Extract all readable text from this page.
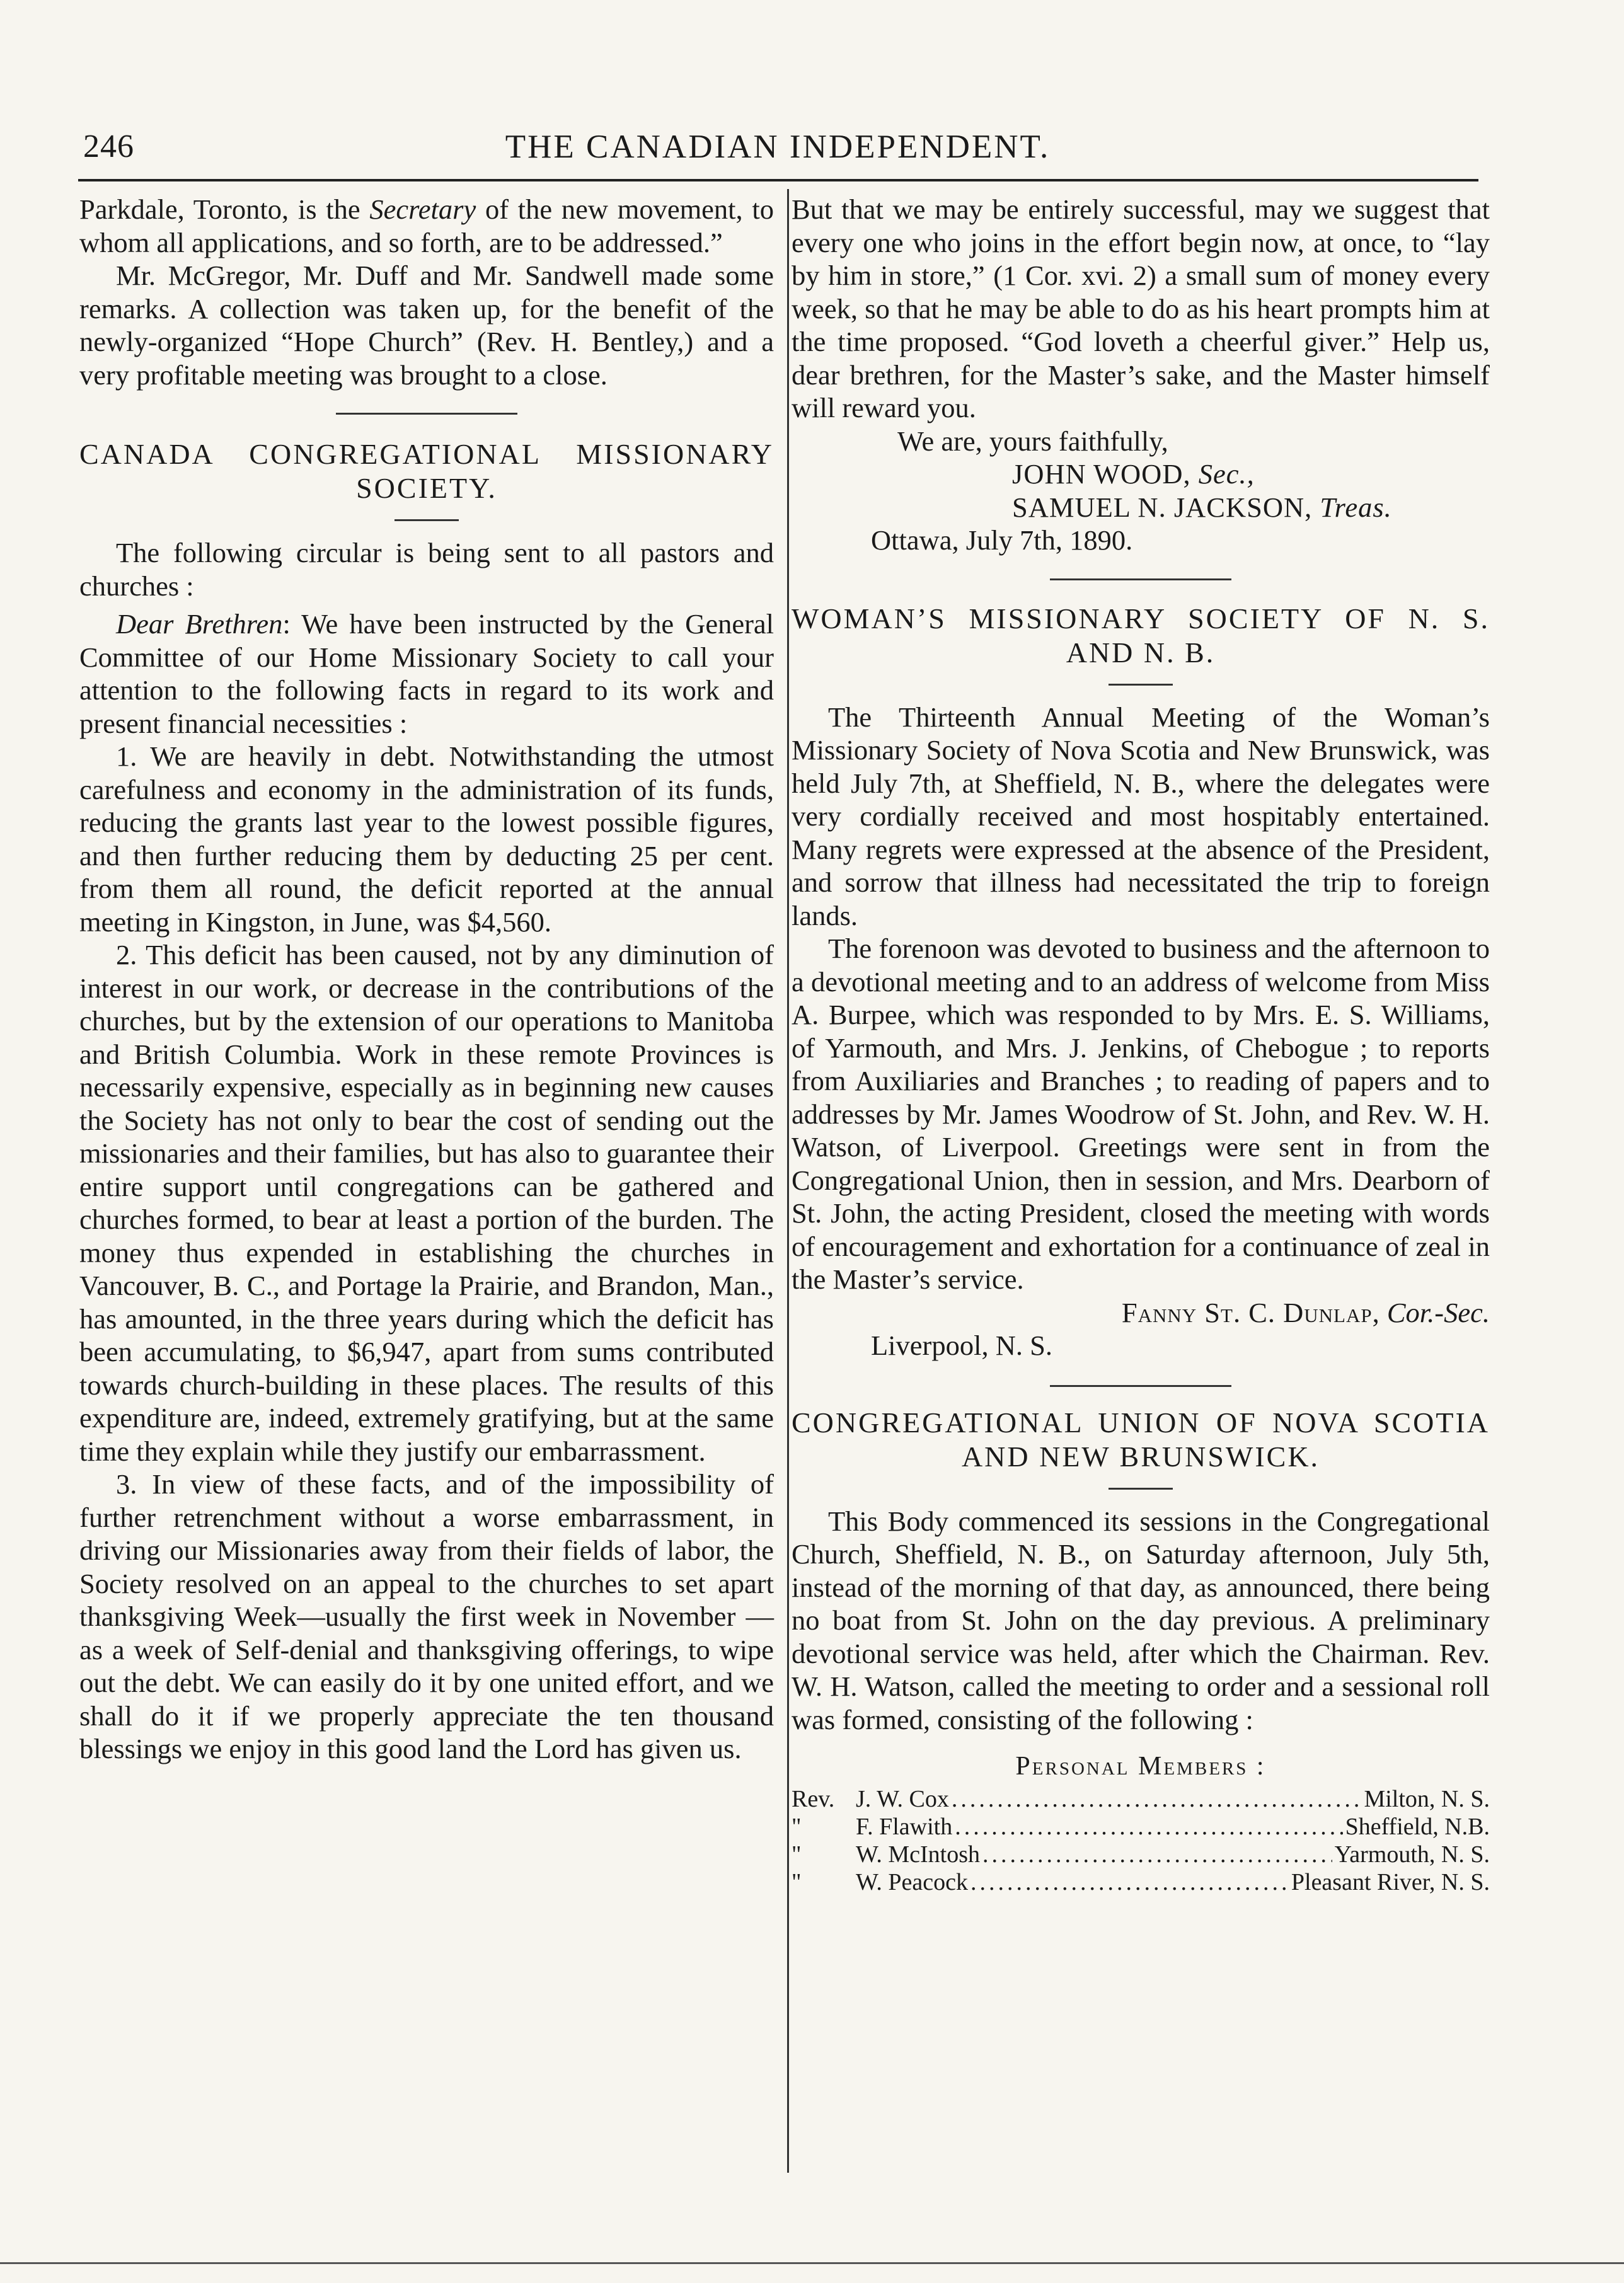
246	THE CANADIAN INDEPENDENT.

Parkdale, Toronto, is the Secretary of the new movement, to whom all applications, and so forth, are to be addressed.”

Mr. McGregor, Mr. Duff and Mr. Sandwell made some remarks. A collection was taken up, for the benefit of the newly-organized “Hope Church” (Rev. H. Bentley,) and a very profitable meeting was brought to a close.

CANADA CONGREGATIONAL MISSIONARY SOCIETY.

The following circular is being sent to all pastors and churches :

Dear Brethren: We have been instructed by the General Committee of our Home Missionary Society to call your attention to the following facts in regard to its work and present financial necessities :

1. We are heavily in debt. Notwithstanding the utmost carefulness and economy in the administration of its funds, reducing the grants last year to the lowest possible figures, and then further reducing them by deducting 25 per cent. from them all round, the deficit reported at the annual meeting in Kingston, in June, was $4,560.

2. This deficit has been caused, not by any diminution of interest in our work, or decrease in the contributions of the churches, but by the extension of our operations to Manitoba and British Columbia. Work in these remote Provinces is necessarily expensive, especially as in beginning new causes the Society has not only to bear the cost of sending out the missionaries and their families, but has also to guarantee their entire support until congregations can be gathered and churches formed, to bear at least a portion of the burden. The money thus expended in establishing the churches in Vancouver, B. C., and Portage la Prairie, and Brandon, Man., has amounted, in the three years during which the deficit has been accumulating, to $6,947, apart from sums contributed towards church-building in these places. The results of this expenditure are, indeed, extremely gratifying, but at the same time they explain while they justify our embarrassment.

3. In view of these facts, and of the impossibility of further retrenchment without a worse embarrassment, in driving our Missionaries away from their fields of labor, the Society resolved on an appeal to the churches to set apart thanksgiving Week—usually the first week in November —as a week of Self-denial and thanksgiving offerings, to wipe out the debt. We can easily do it by one united effort, and we shall do it if we properly appreciate the ten thousand blessings we enjoy in this good land the Lord has given us.

But that we may be entirely successful, may we suggest that every one who joins in the effort begin now, at once, to “lay by him in store,” (1 Cor. xvi. 2) a small sum of money every week, so that he may be able to do as his heart prompts him at the time proposed. “God loveth a cheerful giver.” Help us, dear brethren, for the Master’s sake, and the Master himself will reward you.

We are, yours faithfully,
JOHN WOOD, Sec.,
SAMUEL N. JACKSON, Treas.

Ottawa, July 7th, 1890.

WOMAN’S MISSIONARY SOCIETY OF N. S. AND N. B.

The Thirteenth Annual Meeting of the Woman’s Missionary Society of Nova Scotia and New Brunswick, was held July 7th, at Sheffield, N. B., where the delegates were very cordially received and most hospitably entertained. Many regrets were expressed at the absence of the President, and sorrow that illness had necessitated the trip to foreign lands.

The forenoon was devoted to business and the afternoon to a devotional meeting and to an address of welcome from Miss A. Burpee, which was responded to by Mrs. E. S. Williams, of Yarmouth, and Mrs. J. Jenkins, of Chebogue ; to reports from Auxiliaries and Branches ; to reading of papers and to addresses by Mr. James Woodrow of St. John, and Rev. W. H. Watson, of Liverpool. Greetings were sent in from the Congregational Union, then in session, and Mrs. Dearborn of St. John, the acting President, closed the meeting with words of encouragement and exhortation for a continuance of zeal in the Master’s service.

Fanny St. C. Dunlap, Cor.-Sec.

Liverpool, N. S.

CONGREGATIONAL UNION OF NOVA SCOTIA AND NEW BRUNSWICK.

This Body commenced its sessions in the Congregational Church, Sheffield, N. B., on Saturday afternoon, July 5th, instead of the morning of that day, as announced, there being no boat from St. John on the day previous. A preliminary devotional service was held, after which the Chairman. Rev. W. H. Watson, called the meeting to order and a sessional roll was formed, consisting of the following :

Personal Members :
Rev. J. W. Cox .....	Milton, N. S.
"	F. Flawith .....	Sheffield, N.B.
"	W. McIntosh .....	Yarmouth, N. S.
"	W. Peacock .....	Pleasant River, N. S.
